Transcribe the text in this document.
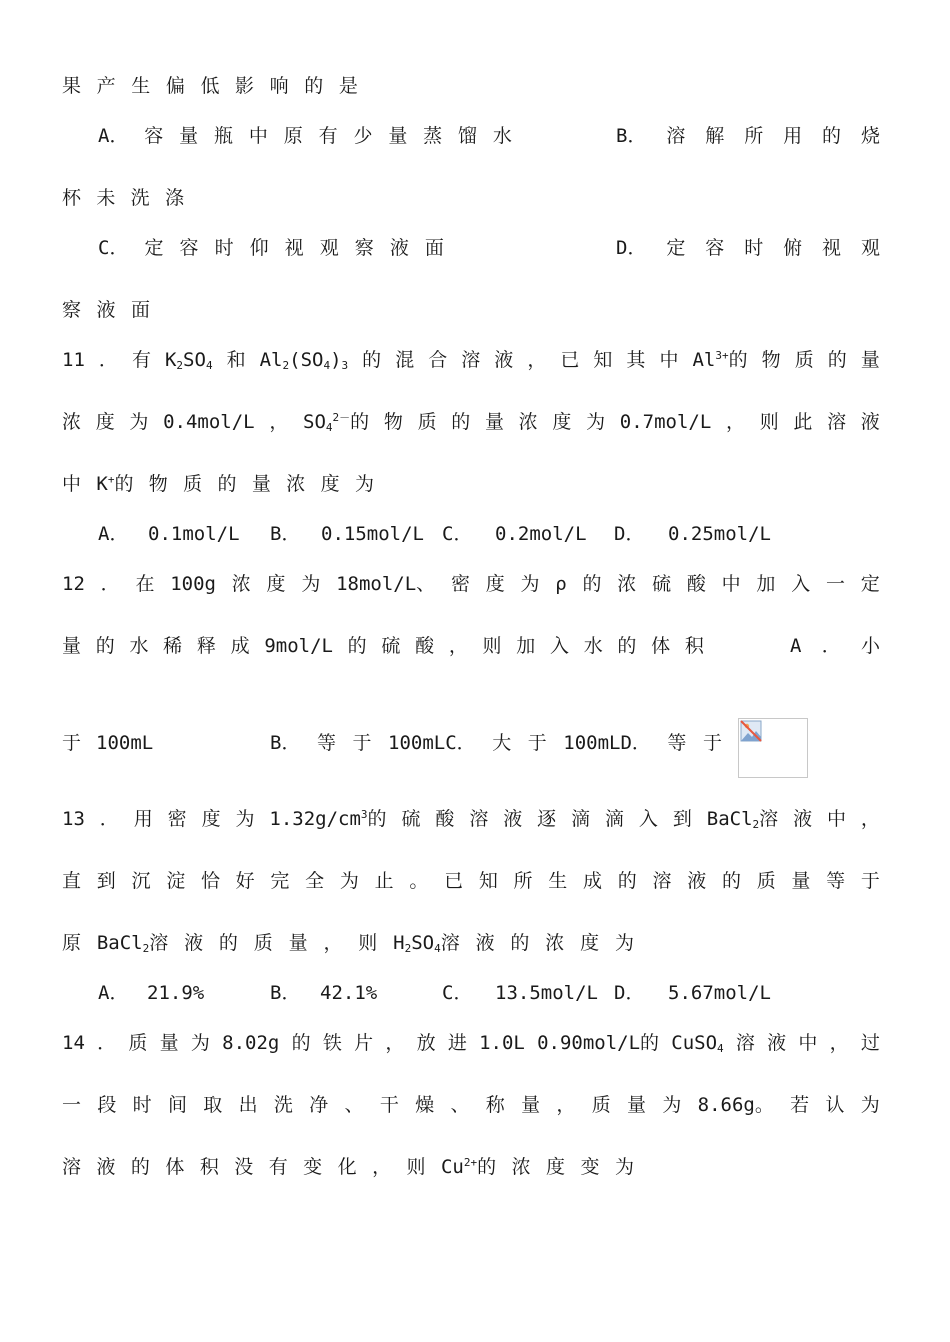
果 产 生 偏 低 影 响 的 是
A． 容 量 瓶 中 原 有 少 量 蒸 馏 水	B． 溶 解 所 用 的 烧
杯 未 洗 涤
C． 定 容 时 仰 视 观 察 液 面	D． 定 容 时 俯 视 观
察 液 面
11 ． 有 $K_2SO_4$ 和 $Al_2(SO_4)_3$ 的 混 合 溶 液 ， 已 知 其 中 $Al^{3+}$的 物 质 的 量
浓 度 为 0.4mol/L ， $SO_4^{2-}$的 物 质 的 量 浓 度 为 0.7mol/L ， 则 此 溶 液
中 K+的 物 质 的 量 浓 度 为
A． 0.1mol/L B． 0.15mol/L C． 0.2mol/L D． 0.25mol/L
12 ． 在 100g 浓 度 为 18mol/L、 密 度 为 ρ 的 浓 硫 酸 中 加 入 一 定
量 的 水 稀 释 成 9mol/L 的 硫 酸 ， 则 加 入 水 的 体 积	A ． 小
于 100mL	B． 等 于 100mLC． 大 于 100mLD． 等 于
13 ． 用 密 度 为 $1.32g/cm^3$的 硫 酸 溶 液 逐 滴 滴 入 到 BaCl$_2$溶 液 中 ，
直 到 沉 淀 恰 好 完 全 为 止 。 已 知 所 生 成 的 溶 液 的 质 量 等 于
原 BaCl$_2$溶 液 的 质 量 ， 则 $H_2SO_4$溶 液 的 浓 度 为
A． 21.9%	B． 42.1%	C． 13.5mol/L D． 5.67mol/L
14 ． 质 量 为 8.02g 的 铁 片 ， 放 进 1.0L 0.90mol/L的 CuSO$_4$ 溶 液 中 ， 过
一 段 时 间 取 出 洗 净 、 干 燥 、 称 量 ， 质 量 为 8.66g。 若 认 为
溶 液 的 体 积 没 有 变 化 ， 则 $Cu^{2+}$的 浓 度 变 为
